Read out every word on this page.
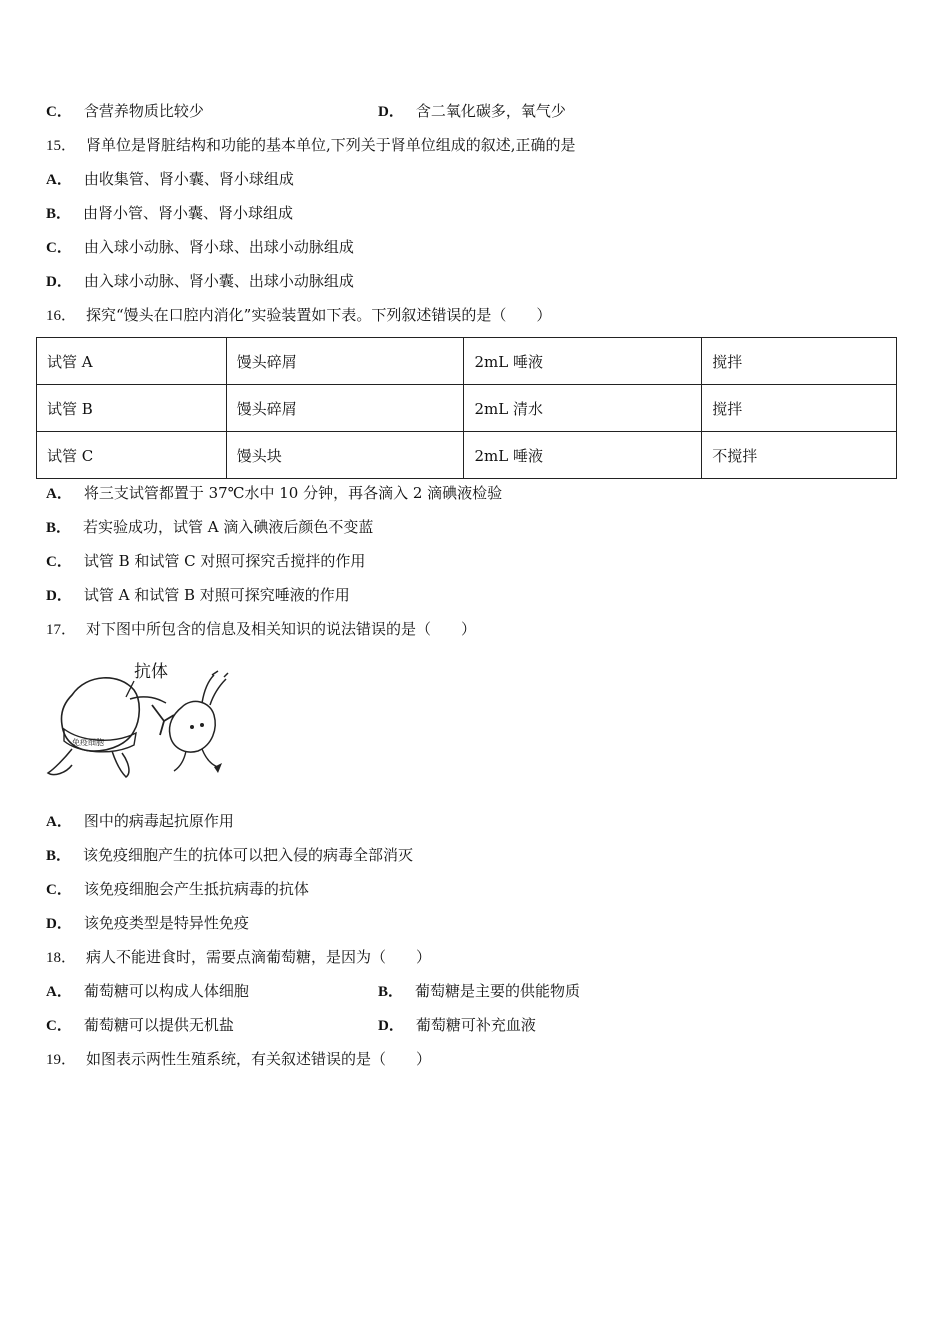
C． 含营养物质比较少	D． 含二氧化碳多，氧气少
15． 肾单位是肾脏结构和功能的基本单位,下列关于肾单位组成的叙述,正确的是
A． 由收集管、肾小囊、肾小球组成
B． 由肾小管、肾小囊、肾小球组成
C． 由入球小动脉、肾小球、出球小动脉组成
D． 由入球小动脉、肾小囊、出球小动脉组成
16． 探究“馒头在口腔内消化”实验装置如下表。下列叙述错误的是（　　）
试管 A	馒头碎屑	2mL 唾液	搅拌
试管 B	馒头碎屑	2mL 清水	搅拌
试管 C	馒头块	2mL 唾液	不搅拌
A． 将三支试管都置于 37℃水中 10 分钟，再各滴入 2 滴碘液检验
B． 若实验成功，试管 A 滴入碘液后颜色不变蓝
C． 试管 B 和试管 C 对照可探究舌搅拌的作用
D． 试管 A 和试管 B 对照可探究唾液的作用
17． 对下图中所包含的信息及相关知识的说法错误的是（　　）
免疫细胞
抗体
A． 图中的病毒起抗原作用
B． 该免疫细胞产生的抗体可以把入侵的病毒全部消灭
C． 该免疫细胞会产生抵抗病毒的抗体
D． 该免疫类型是特异性免疫
18． 病人不能进食时，需要点滴葡萄糖，是因为（　　）
A． 葡萄糖可以构成人体细胞	B． 葡萄糖是主要的供能物质
C． 葡萄糖可以提供无机盐	D． 葡萄糖可补充血液
19． 如图表示两性生殖系统，有关叙述错误的是（　　）
